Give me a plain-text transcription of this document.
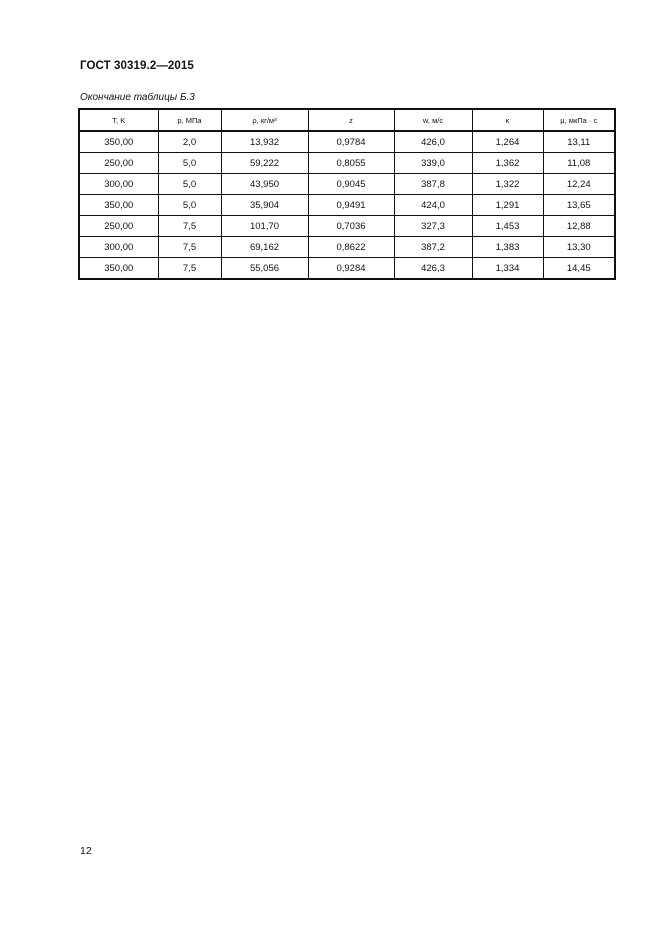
ГОСТ 30319.2—2015
Окончание таблицы Б.3
T, K	p, МПа	ρ, кг/м³	z	w, м/с	κ	μ, мкПа · с
350,00	2,0	13,932	0,9784	426,0	1,264	13,11
250,00	5,0	59,222	0,8055	339,0	1,362	11,08
300,00	5,0	43,950	0,9045	387,8	1,322	12,24
350,00	5,0	35,904	0,9491	424,0	1,291	13,65
250,00	7,5	101,70	0,7036	327,3	1,453	12,88
300,00	7,5	69,162	0,8622	387,2	1,383	13,30
350,00	7,5	55,056	0,9284	426,3	1,334	14,45
12
